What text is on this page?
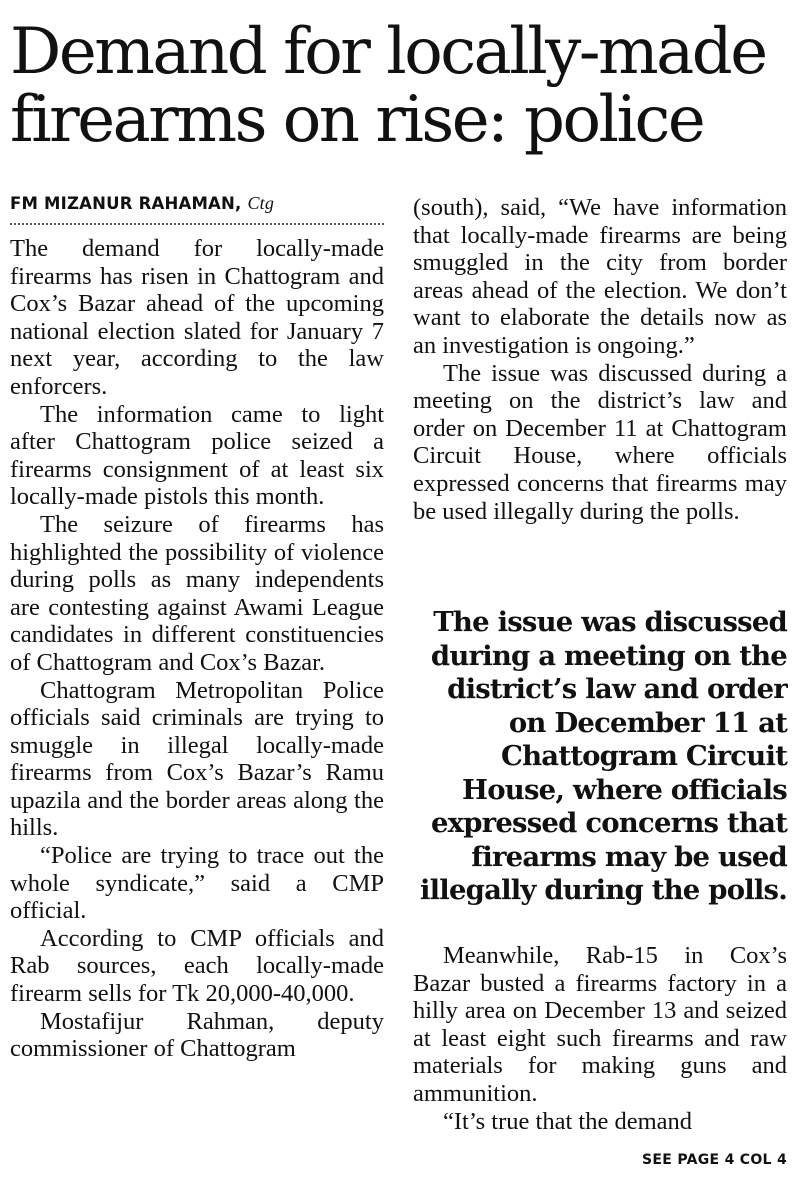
Demand for locally-made firearms on rise: police
FM MIZANUR RAHAMAN, Ctg

The demand for locally-made firearms has risen in Chattogram and Cox’s Bazar ahead of the upcoming national election slated for January 7 next year, according to the law enforcers.

The information came to light after Chattogram police seized a firearms consignment of at least six locally-made pistols this month.

The seizure of firearms has highlighted the possibility of violence during polls as many independents are contesting against Awami League candidates in different constituencies of Chattogram and Cox’s Bazar.

Chattogram Metropolitan Police officials said criminals are trying to smuggle in illegal locally-made firearms from Cox’s Bazar’s Ramu upazila and the border areas along the hills.

“Police are trying to trace out the whole syndicate,” said a CMP official.

According to CMP officials and Rab sources, each locally-made firearm sells for Tk 20,000-40,000.

Mostafijur Rahman, deputy commissioner of Chattogram

(south), said, “We have information that locally-made firearms are being smuggled in the city from border areas ahead of the election. We don’t want to elaborate the details now as an investigation is ongoing.”

The issue was discussed during a meeting on the district’s law and order on December 11 at Chattogram Circuit House, where officials expressed concerns that firearms may be used illegally during the polls.

The issue was discussed during a meeting on the district’s law and order on December 11 at Chattogram Circuit House, where officials expressed concerns that firearms may be used illegally during the polls.

Meanwhile, Rab-15 in Cox’s Bazar busted a firearms factory in a hilly area on December 13 and seized at least eight such firearms and raw materials for making guns and ammunition.

“It’s true that the demand

SEE PAGE 4 COL 4
